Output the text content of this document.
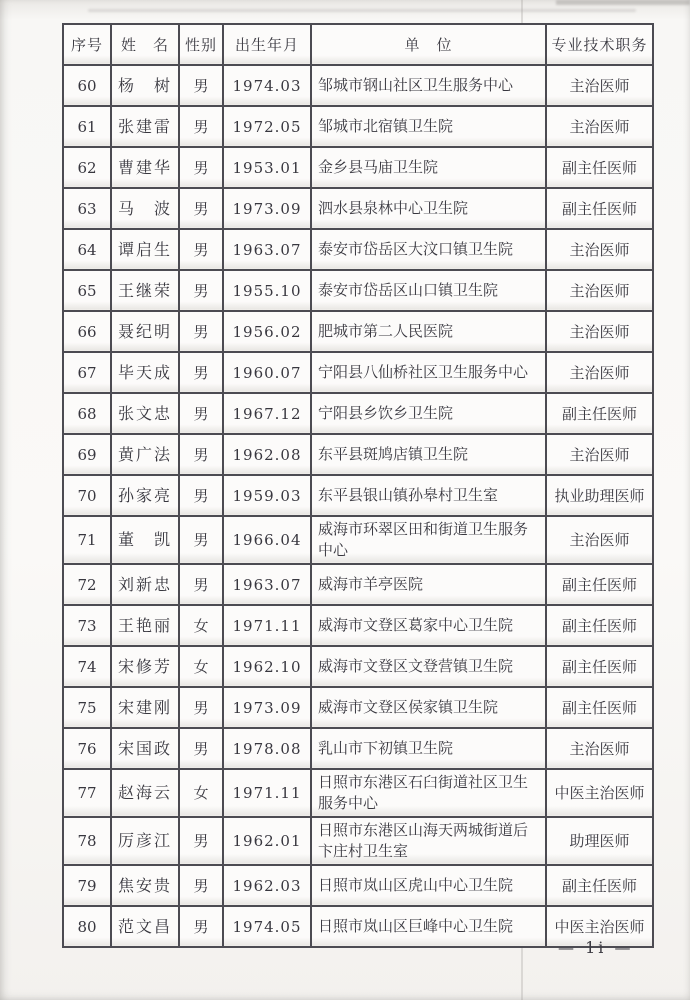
序号	姓　名	性别	出生年月	单　位	专业技术职务
60	杨　树	男	1974.03	邹城市钢山社区卫生服务中心	主治医师
61	张建雷	男	1972.05	邹城市北宿镇卫生院	主治医师
62	曹建华	男	1953.01	金乡县马庙卫生院	副主任医师
63	马　波	男	1973.09	泗水县泉林中心卫生院	副主任医师
64	谭启生	男	1963.07	泰安市岱岳区大汶口镇卫生院	主治医师
65	王继荣	男	1955.10	泰安市岱岳区山口镇卫生院	主治医师
66	聂纪明	男	1956.02	肥城市第二人民医院	主治医师
67	毕天成	男	1960.07	宁阳县八仙桥社区卫生服务中心	主治医师
68	张文忠	男	1967.12	宁阳县乡饮乡卫生院	副主任医师
69	黄广法	男	1962.08	东平县斑鸠店镇卫生院	主治医师
70	孙家亮	男	1959.03	东平县银山镇孙皋村卫生室	执业助理医师
71	董　凯	男	1966.04	威海市环翠区田和街道卫生服务中心	主治医师
72	刘新忠	男	1963.07	威海市羊亭医院	副主任医师
73	王艳丽	女	1971.11	威海市文登区葛家中心卫生院	副主任医师
74	宋修芳	女	1962.10	威海市文登区文登营镇卫生院	副主任医师
75	宋建刚	男	1973.09	威海市文登区侯家镇卫生院	副主任医师
76	宋国政	男	1978.08	乳山市下初镇卫生院	主治医师
77	赵海云	女	1971.11	日照市东港区石臼街道社区卫生服务中心	中医主治医师
78	厉彦江	男	1962.01	日照市东港区山海天两城街道后卞庄村卫生室	助理医师
79	焦安贵	男	1962.03	日照市岚山区虎山中心卫生院	副主任医师
80	范文昌	男	1974.05	日照市岚山区巨峰中心卫生院	中医主治医师
— 1i —
